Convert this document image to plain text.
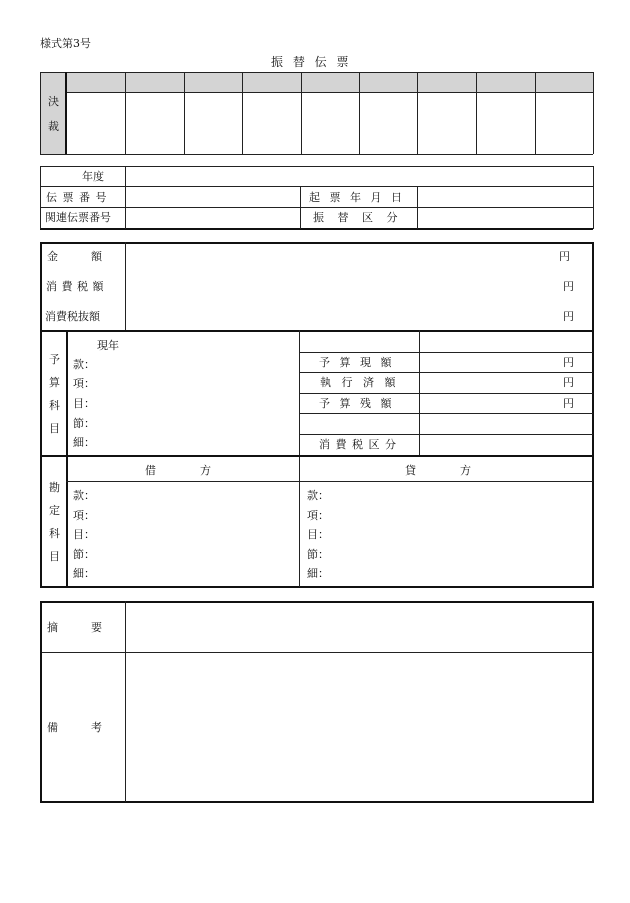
様式第3号
振 替 伝 票
決
裁
年度
伝 票 番 号
関連伝票番号
起 票 年 月 日
振 替 区 分
金　　　額
消 費 税 額
消費税抜額
円
円
円
予
算
科
目
現年
款：
項：
目：
節：
細：
予 算 現 額
執 行 済 額
予 算 残 額
消 費 税 区 分
円
円
円
勘
定
科
目
借　　　　方	貸　　　　方
款：
項：
目：
節：
細：
款：
項：
目：
節：
細：
摘　　　要
備　　　考
